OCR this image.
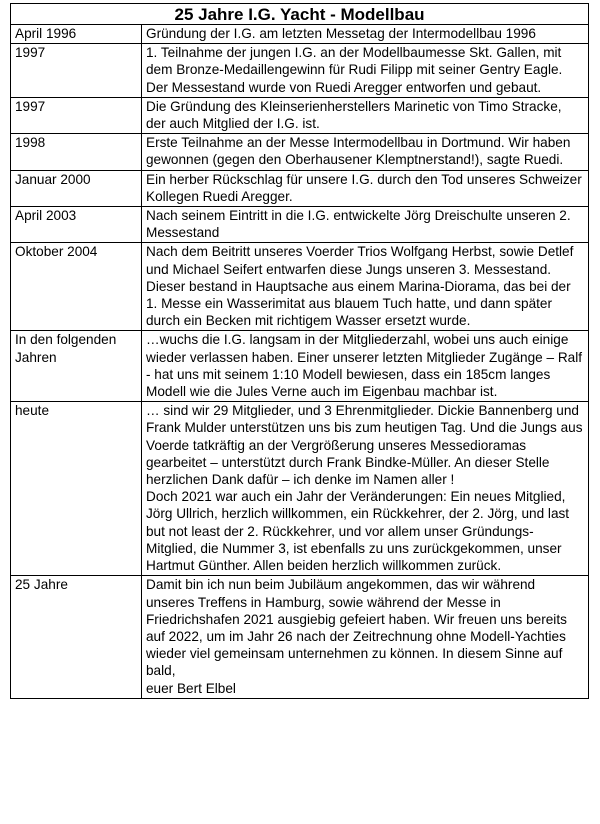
25 Jahre I.G. Yacht - Modellbau	
April 1996	Gründung der I.G. am letzten Messetag der Intermodellbau 1996
1997	1. Teilnahme der jungen I.G. an der Modellbaumesse Skt. Gallen, mit dem Bronze-Medaillengewinn für Rudi Filipp mit seiner Gentry Eagle. Der Messestand wurde von Ruedi Aregger entworfen und gebaut.
1997	Die Gründung des Kleinserienherstellers Marinetic von Timo Stracke, der auch Mitglied der I.G. ist.
1998	Erste Teilnahme an der Messe Intermodellbau in Dortmund. Wir haben gewonnen (gegen den Oberhausener Klemptnerstand!), sagte Ruedi.
Januar 2000	Ein herber Rückschlag für unsere I.G. durch den Tod unseres Schweizer Kollegen Ruedi Aregger.
April 2003	Nach seinem Eintritt in die I.G. entwickelte Jörg Dreischulte unseren 2. Messestand
Oktober 2004	Nach dem Beitritt unseres Voerder Trios Wolfgang Herbst, sowie Detlef und Michael Seifert entwarfen diese Jungs unseren 3. Messestand. Dieser bestand in Hauptsache aus einem Marina-Diorama, das bei der 1. Messe ein Wasserimitat aus blauem Tuch hatte, und dann später durch ein Becken mit richtigem Wasser ersetzt wurde.
In den folgenden Jahren	…wuchs die I.G. langsam in der Mitgliederzahl, wobei uns auch einige wieder verlassen haben. Einer unserer letzten Mitglieder Zugänge – Ralf - hat uns mit seinem 1:10 Modell bewiesen, dass ein 185cm langes Modell wie die Jules Verne auch im Eigenbau machbar ist.
heute	… sind wir 29 Mitglieder, und 3 Ehrenmitglieder. Dickie Bannenberg und Frank Mulder unterstützen uns bis zum heutigen Tag. Und die Jungs aus Voerde tatkräftig an der Vergrößerung unseres Messedioramas gearbeitet – unterstützt durch Frank Bindke-Müller. An dieser Stelle herzlichen Dank dafür – ich denke im Namen aller !
Doch 2021 war auch ein Jahr der Veränderungen: Ein neues Mitglied, Jörg Ullrich, herzlich willkommen, ein Rückkehrer, der 2. Jörg, und last but not least der 2. Rückkehrer, und vor allem unser Gründungs-Mitglied, die Nummer 3, ist ebenfalls zu uns zurückgekommen, unser Hartmut Günther. Allen beiden herzlich willkommen zurück.
25 Jahre	Damit bin ich nun beim Jubiläum angekommen, das wir während unseres Treffens in Hamburg, sowie während der Messe in Friedrichshafen 2021 ausgiebig gefeiert haben. Wir freuen uns bereits auf 2022, um im Jahr 26 nach der Zeitrechnung ohne Modell-Yachties wieder viel gemeinsam unternehmen zu können. In diesem Sinne auf bald,
euer Bert Elbel
